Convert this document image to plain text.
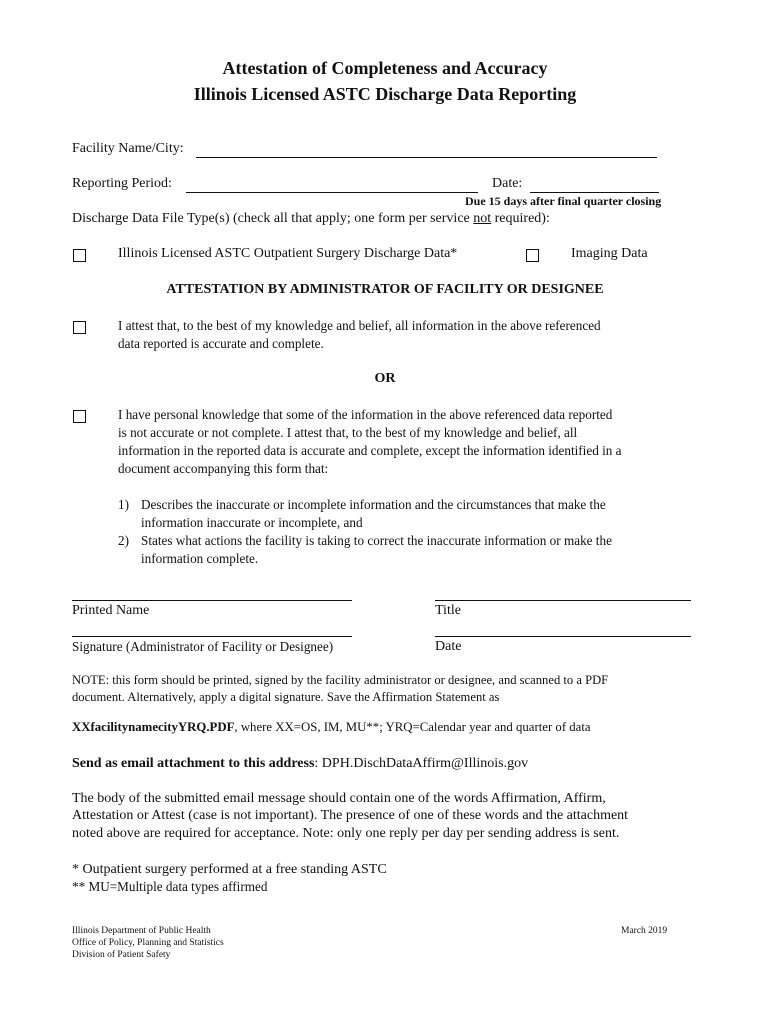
Attestation of Completeness and Accuracy
Illinois Licensed ASTC Discharge Data Reporting
Facility Name/City:
Reporting Period:	Date:
Due 15 days after final quarter closing
Discharge Data File Type(s) (check all that apply; one form per service not required):
Illinois Licensed ASTC Outpatient Surgery Discharge Data*	Imaging Data
ATTESTATION BY ADMINISTRATOR OF FACILITY OR DESIGNEE
I attest that, to the best of my knowledge and belief, all information in the above referenced
data reported is accurate and complete.
OR
I have personal knowledge that some of the information in the above referenced data reported
is not accurate or not complete. I attest that, to the best of my knowledge and belief, all
information in the reported data is accurate and complete, except the information identified in a
document accompanying this form that:
1) Describes the inaccurate or incomplete information and the circumstances that make the
information inaccurate or incomplete, and
2) States what actions the facility is taking to correct the inaccurate information or make the
information complete.
Printed Name	Title
Signature (Administrator of Facility or Designee)	Date
NOTE: this form should be printed, signed by the facility administrator or designee, and scanned to a PDF
document. Alternatively, apply a digital signature. Save the Affirmation Statement as
XXfacilitynamecityYRQ.PDF, where XX=OS, IM, MU**; YRQ=Calendar year and quarter of data
Send as email attachment to this address: DPH.DischDataAffirm@Illinois.gov
The body of the submitted email message should contain one of the words Affirmation, Affirm,
Attestation or Attest (case is not important). The presence of one of these words and the attachment
noted above are required for acceptance. Note: only one reply per day per sending address is sent.
* Outpatient surgery performed at a free standing ASTC
** MU=Multiple data types affirmed
Illinois Department of Public Health
Office of Policy, Planning and Statistics
Division of Patient Safety
March 2019
